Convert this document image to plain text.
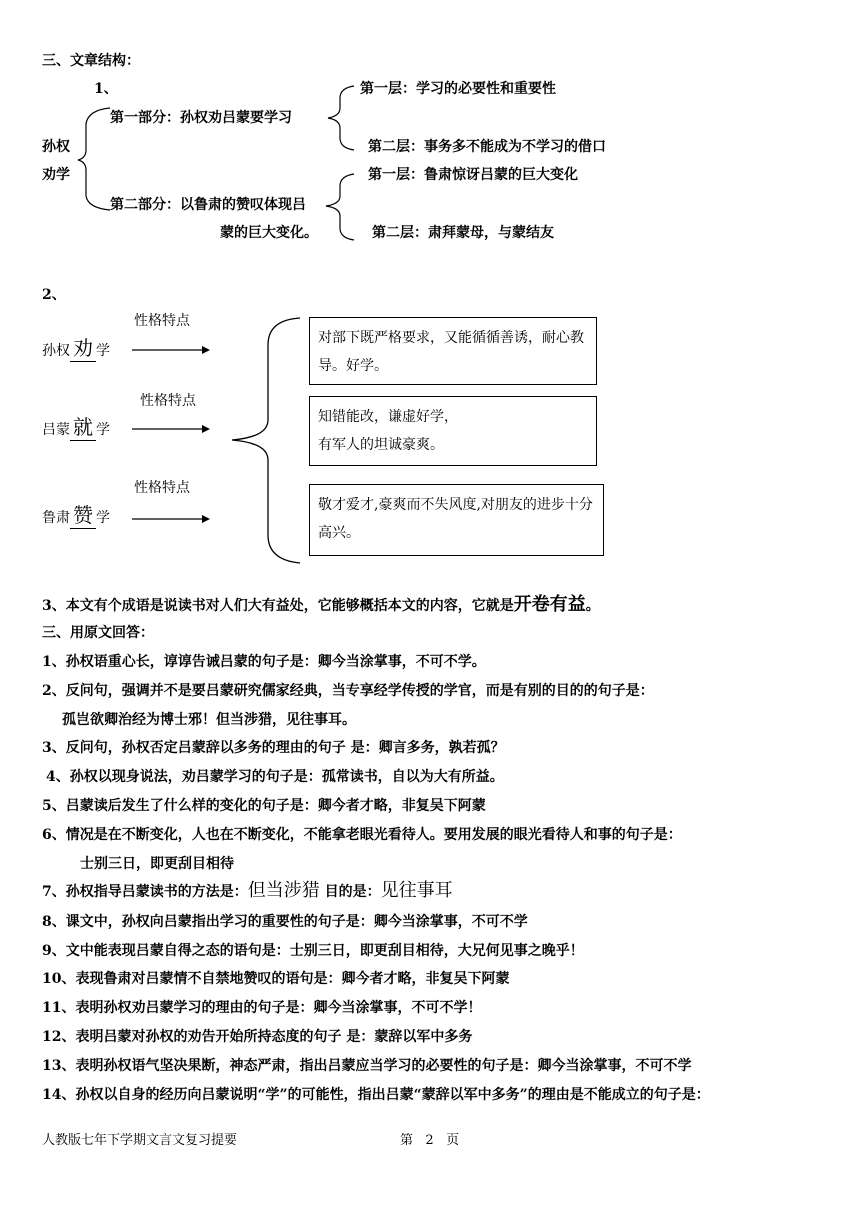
三、文章结构：
1、
孙权
劝学
第一部分：孙权劝吕蒙要学习
第一层：学习的必要性和重要性
第二层：事务多不能成为不学习的借口
第二部分：以鲁肃的赞叹体现吕
蒙的巨大变化。
第一层：鲁肃惊讶吕蒙的巨大变化
第二层：肃拜蒙母，与蒙结友
2、
性格特点
孙权 劝 学
性格特点
吕蒙 就 学
性格特点
鲁肃 赞 学
对部下既严格要求，又能循循善诱，耐心教导。好学。
知错能改，谦虚好学，
有军人的坦诚豪爽。
敬才爱才,豪爽而不失风度,对朋友的进步十分高兴。
3、本文有个成语是说读书对人们大有益处，它能够概括本文的内容，它就是开卷有益。
三、用原文回答：
1、孙权语重心长，谆谆告诫吕蒙的句子是：卿今当涂掌事，不可不学。
2、反问句，强调并不是要吕蒙研究儒家经典，当专享经学传授的学官，而是有别的目的的句子是：
孤岂欲卿治经为博士邪！但当涉猎，见往事耳。
3、反问句，孙权否定吕蒙辞以多务的理由的句子 是：卿言多务，孰若孤？
4、孙权以现身说法，劝吕蒙学习的句子是：孤常读书，自以为大有所益。
5、吕蒙读后发生了什么样的变化的句子是：卿今者才略，非复吴下阿蒙
6、情况是在不断变化，人也在不断变化，不能拿老眼光看待人。要用发展的眼光看待人和事的句子是：
士别三日，即更刮目相待
7、孙权指导吕蒙读书的方法是：但当涉猎 目的是：见往事耳
8、课文中，孙权向吕蒙指出学习的重要性的句子是：卿今当涂掌事，不可不学
9、文中能表现吕蒙自得之态的语句是：士别三日，即更刮目相待，大兄何见事之晚乎！
10、表现鲁肃对吕蒙情不自禁地赞叹的语句是：卿今者才略，非复吴下阿蒙
11、表明孙权劝吕蒙学习的理由的句子是：卿今当涂掌事，不可不学！
12、表明吕蒙对孙权的劝告开始所持态度的句子 是：蒙辞以军中多务
13、表明孙权语气坚决果断，神态严肃，指出吕蒙应当学习的必要性的句子是：卿今当涂掌事，不可不学
14、孙权以自身的经历向吕蒙说明“学”的可能性，指出吕蒙“蒙辞以军中多务”的理由是不能成立的句子是：
人教版七年下学期文言文复习提要	第 2 页
